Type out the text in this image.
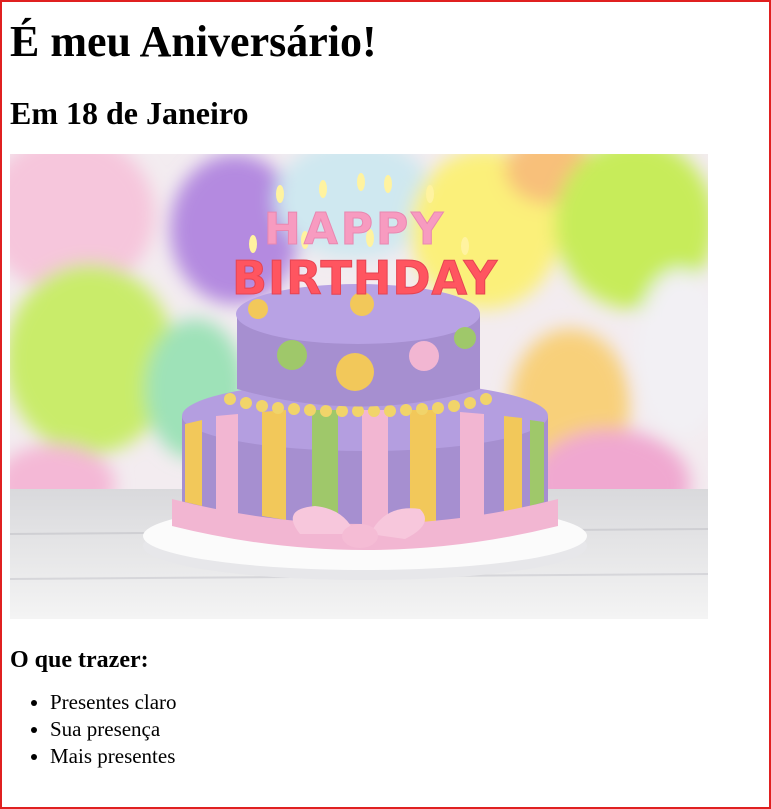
É meu Aniversário!
Em 18 de Janeiro
HAPPY
BIRTHDAY
O que trazer:
• Presentes claro
• Sua presença
• Mais presentes
